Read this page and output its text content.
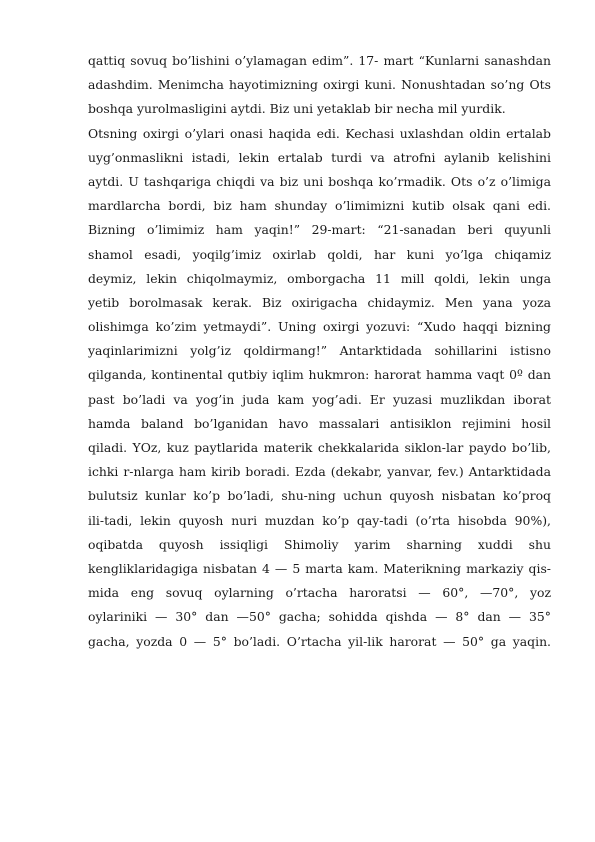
qattiq sovuq bo’lishini o’ylamagan edim”. 17- mart “Kunlarni sanashdan
adashdim. Menimcha hayotimizning oxirgi kuni. Nonushtadan so’ng Ots
boshqa yurolmasligini aytdi. Biz uni yetaklab bir necha mil yurdik.
Otsning oxirgi o’ylari onasi haqida edi. Kechasi uxlashdan oldin ertalab
uyg’onmaslikni istadi, lekin ertalab turdi va atrofni aylanib kelishini
aytdi. U tashqariga chiqdi va biz uni boshqa ko’rmadik. Ots o’z o’limiga
mardlarcha bordi, biz ham shunday o’limimizni kutib olsak qani edi.
Bizning o’limimiz ham yaqin!” 29-mart: “21-sanadan beri quyunli
shamol esadi, yoqilg’imiz oxirlab qoldi, har kuni yo’lga chiqamiz
deymiz, lekin chiqolmaymiz, omborgacha 11 mill qoldi, lekin unga
yetib borolmasak kerak. Biz oxirigacha chidaymiz. Men yana yoza
olishimga ko’zim yetmaydi”. Uning oxirgi yozuvi: “Xudo haqqi bizning
yaqinlarimizni yolg’iz qoldirmang!” Antarktidada sohillarini istisno
qilganda, kontinental qutbiy iqlim hukmron: harorat hamma vaqt 0º dan
past bo’ladi va yog’in juda kam yog’adi. Er yuzasi muzlikdan iborat
hamda baland bo’lganidan havo massalari antisiklon rejimini hosil
qiladi. YOz, kuz paytlarida materik chekkalarida siklon-lar paydo bo’lib,
ichki r-nlarga ham kirib boradi. Ezda (dekabr, yanvar, fev.) Antarktidada
bulutsiz kunlar ko’p bo’ladi, shu-ning uchun quyosh nisbatan ko’proq
ili-tadi, lekin quyosh nuri muzdan ko’p qay-tadi (o’rta hisobda 90%),
oqibatda quyosh issiqligi Shimoliy yarim sharning xuddi shu
kengliklaridagiga nisbatan 4 — 5 marta kam. Materikning markaziy qis-
mida eng sovuq oylarning o’rtacha haroratsi — 60°, —70°, yoz
oylariniki — 30° dan —50° gacha; sohidda qishda — 8° dan — 35°
gacha, yozda 0 — 5° bo’ladi. O’rtacha yil-lik harorat — 50° ga yaqin.
